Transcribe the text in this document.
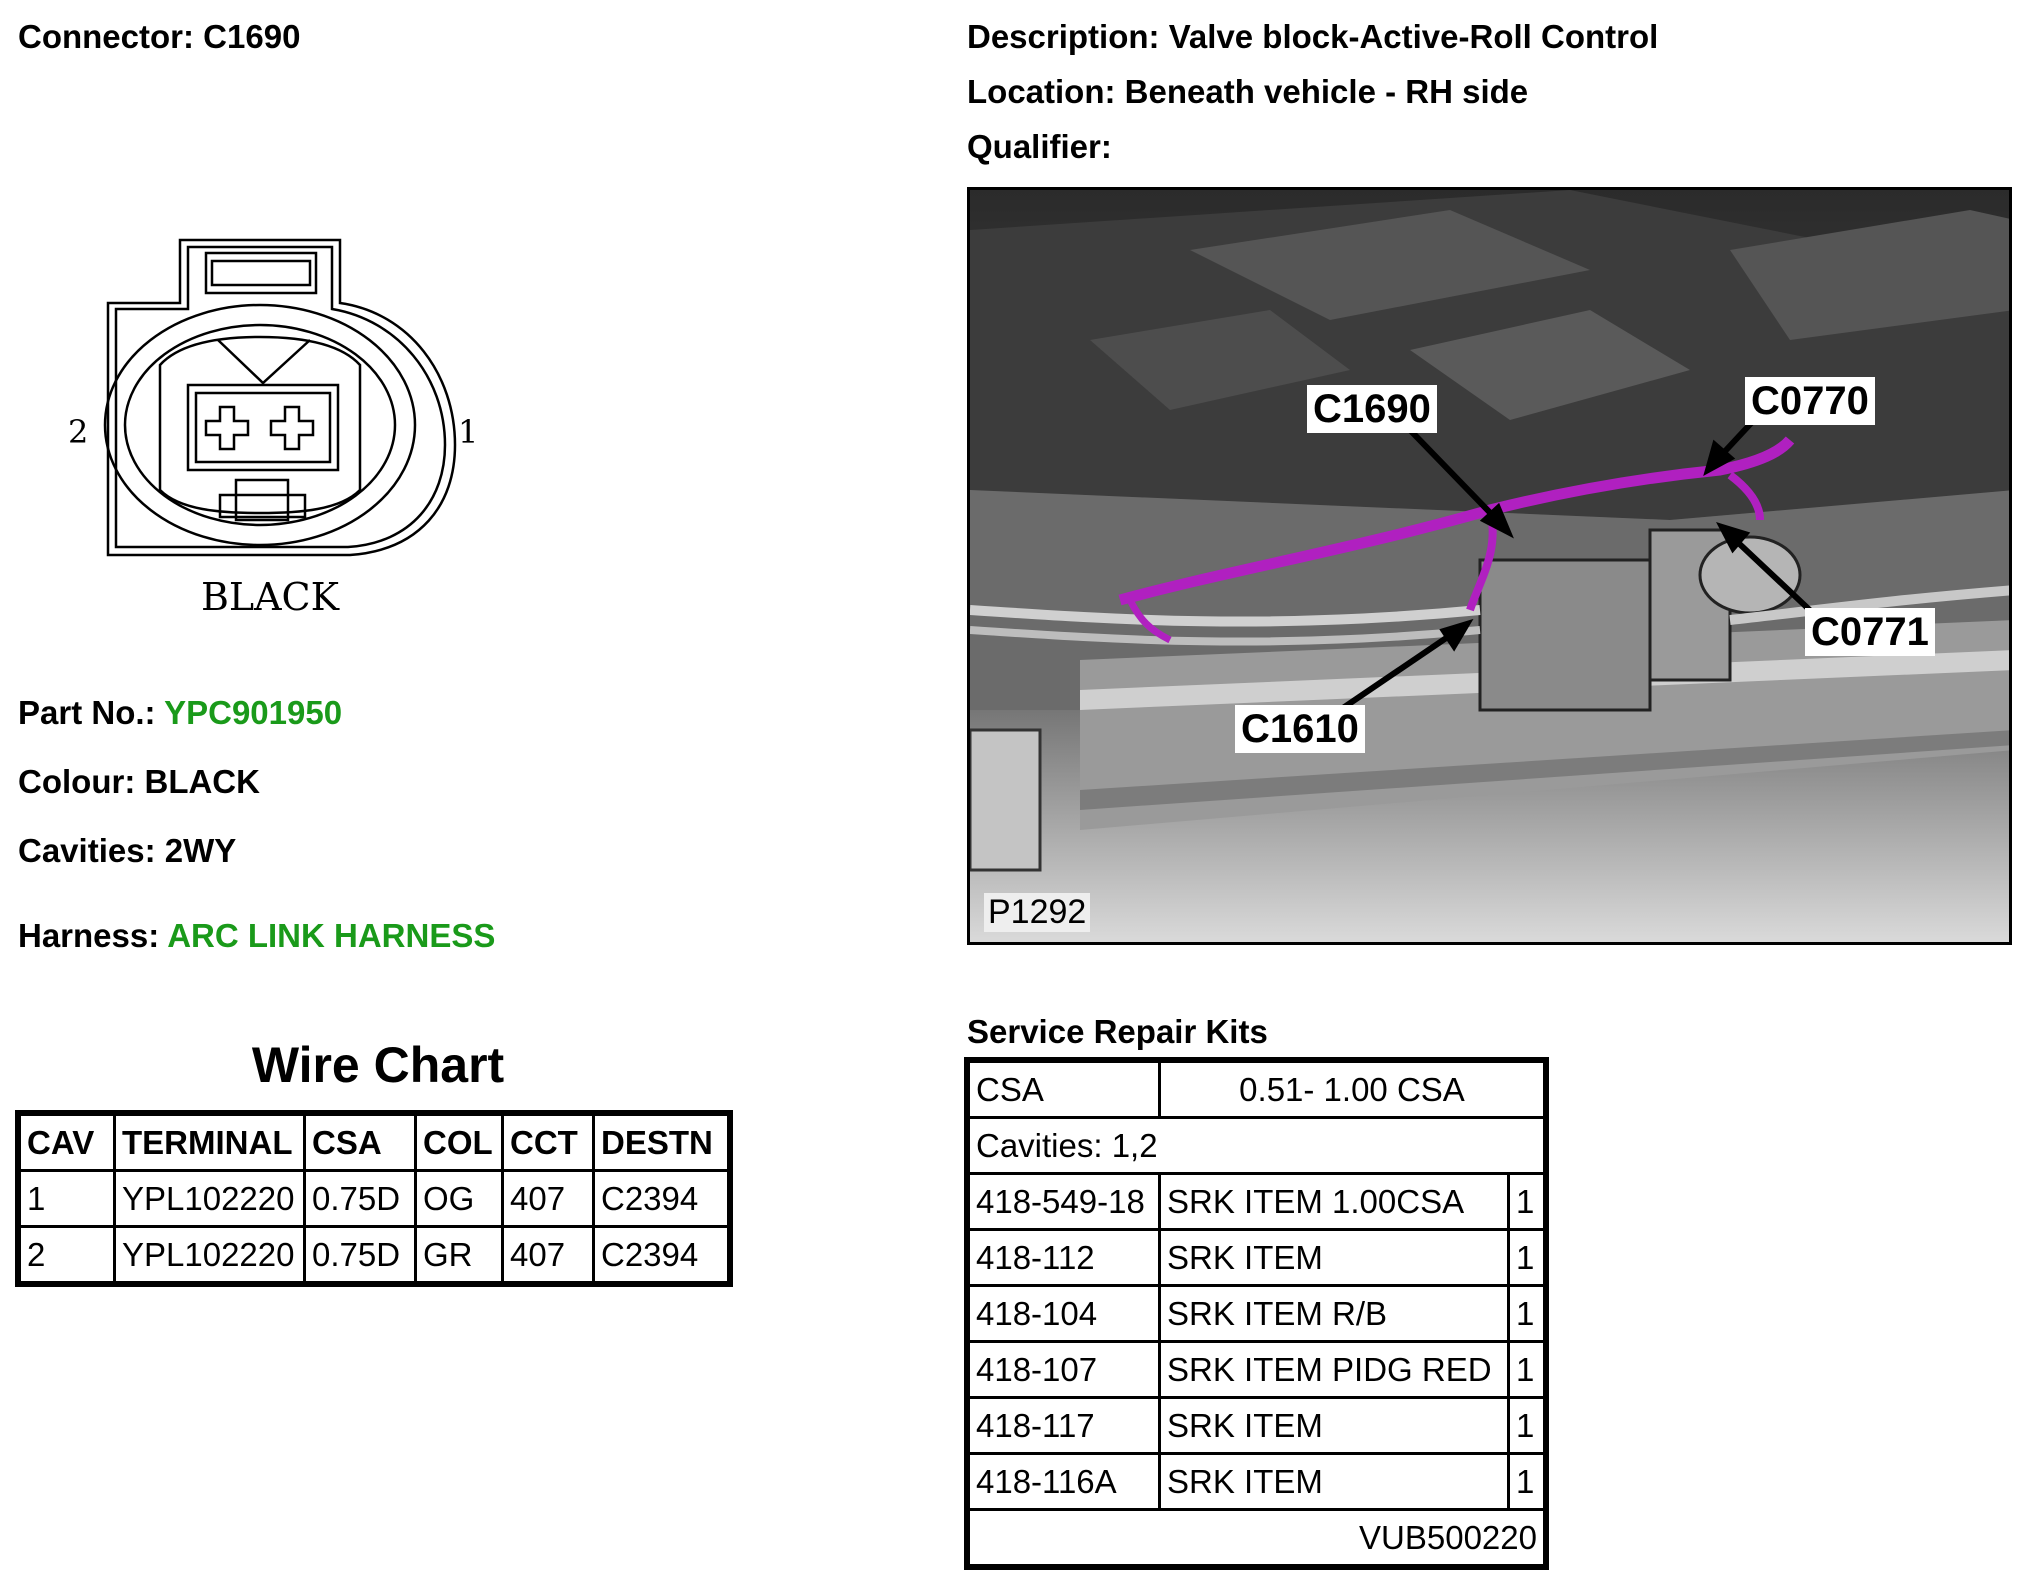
Connector: C1690	Description: Valve block-Active-Roll Control
Location: Beneath vehicle - RH side
Qualifier:
2	1
BLACK
Part No.: YPC901950
Colour: BLACK
Cavities: 2WY
Harness: ARC LINK HARNESS
Wire Chart
CAV	TERMINAL	CSA	COL	CCT	DESTN
1	YPL102220	0.75D	OG	407	C2394
2	YPL102220	0.75D	GR	407	C2394
C1690	C0770
C0771
C1610
P1292
Service Repair Kits
CSA	0.51- 1.00 CSA	
Cavities: 1,2		
418-549-18	SRK ITEM 1.00CSA	1
418-112	SRK ITEM	1
418-104	SRK ITEM R/B	1
418-107	SRK ITEM PIDG RED	1
418-117	SRK ITEM	1
418-116A	SRK ITEM	1
VUB500220		
